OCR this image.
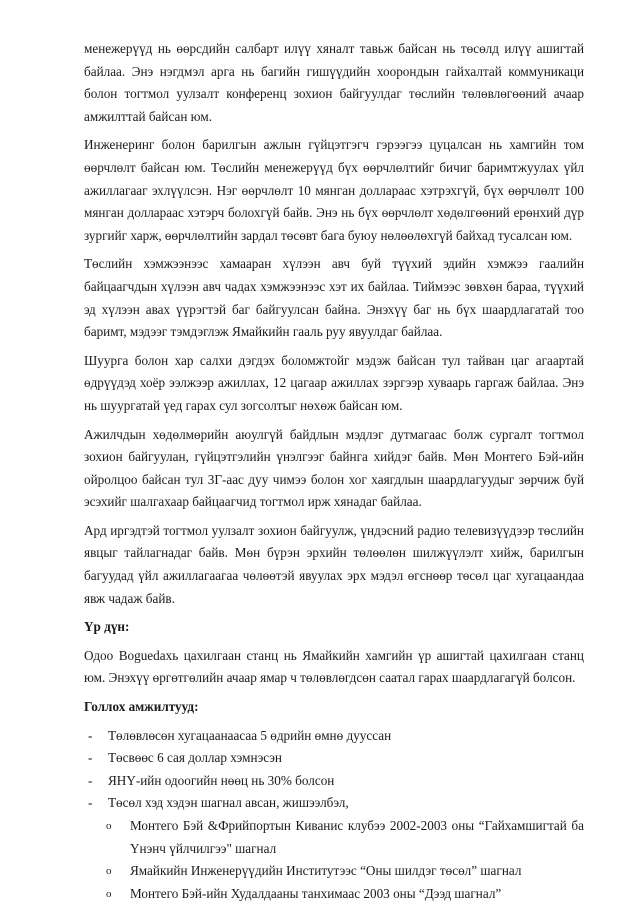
менежерүүд нь өөрсдийн салбарт илүү хяналт тавьж байсан нь төсөлд илүү ашигтай байлаа. Энэ нэгдмэл арга нь багийн гишүүдийн хоорондын гайхалтай коммуникаци болон тогтмол уулзалт конференц зохион байгуулдаг төслийн төлөвлөгөөний ачаар амжилттай байсан юм.

Инженеринг болон барилгын ажлын гүйцэтгэгч гэрээгээ цуцалсан нь хамгийн том өөрчлөлт байсан юм. Төслийн менежерүүд бүх өөрчлөлтийг бичиг баримтжуулах үйл ажиллагааг эхлүүлсэн. Нэг өөрчлөлт 10 мянган доллараас хэтрэхгүй, бүх өөрчлөлт 100 мянган доллараас хэтэрч болохгүй байв. Энэ нь бүх өөрчлөлт хөдөлгөөний ерөнхий дүр зургийг харж, өөрчлөлтийн зардал төсөвт бага буюу нөлөөлөхгүй байхад тусалсан юм.

Төслийн хэмжээнээс хамааран хүлээн авч буй түүхий эдийн хэмжээ гаалийн байцаагчдын хүлээн авч чадах хэмжээнээс хэт их байлаа. Тиймээс зөвхөн бараа, түүхий эд хүлээн авах үүрэгтэй баг байгуулсан байна. Энэхүү баг нь бүх шаардлагатай тоо баримт, мэдээг тэмдэглэж Ямайкийн гааль руу явуулдаг байлаа.

Шуурга болон хар салхи дэгдэх боломжтойг мэдэж байсан тул тайван цаг агаартай өдрүүдэд хоёр ээлжээр ажиллах, 12 цагаар ажиллах зэргээр хуваарь гаргаж байлаа. Энэ нь шуургатай үед гарах сул зогсолтыг нөхөж байсан юм.

Ажилчдын хөдөлмөрийн аюулгүй байдлын мэдлэг дутмагаас болж сургалт тогтмол зохион байгуулан, гүйцэтгэлийн үнэлгээг байнга хийдэг байв. Мөн Монтего Бэй-ийн ойролцоо байсан тул 3Г-аас дуу чимээ болон хог хаягдлын шаардлагуудыг зөрчиж буй эсэхийг шалгахаар байцаагчид тогтмол ирж хянадаг байлаа.

Ард иргэдтэй тогтмол уулзалт зохион байгуулж, үндэсний радио телевизүүдээр төслийн явцыг тайлагнадаг байв. Мөн бүрэн эрхийн төлөөлөн шилжүүлэлт хийж, барилгын багуудад үйл ажиллагаагаа чөлөөтэй явуулах эрх мэдэл өгснөөр төсөл цаг хугацаандаа явж чадаж байв.

Үр дүн:

Одоо Boguedахь цахилгаан станц нь Ямайкийн хамгийн үр ашигтай цахилгаан станц юм. Энэхүү өргөтгөлийн ачаар ямар ч төлөвлөгдсөн саатал гарах шаардлагагүй болсон.

Голлох амжилтууд:
-	Төлөвлөсөн хугацаанаасаа 5 өдрийн өмнө дууссан
-	Төсвөөс 6 сая доллар хэмнэсэн
-	ЯНҮ-ийн одоогийн нөөц нь 30% болсон
-	Төсөл хэд хэдэн шагнал авсан, жишээлбэл,
o Монтего Бэй &Фрийпортын Киванис клубээ 2002-2003 оны “Гайхамшигтай ба Үнэнч үйлчилгээ" шагнал
o Ямайкийн Инженерүүдийн Институтээс “Оны шилдэг төсөл” шагнал
o Монтего Бэй-ийн Худалдааны танхимаас 2003 оны “Дээд шагнал”
